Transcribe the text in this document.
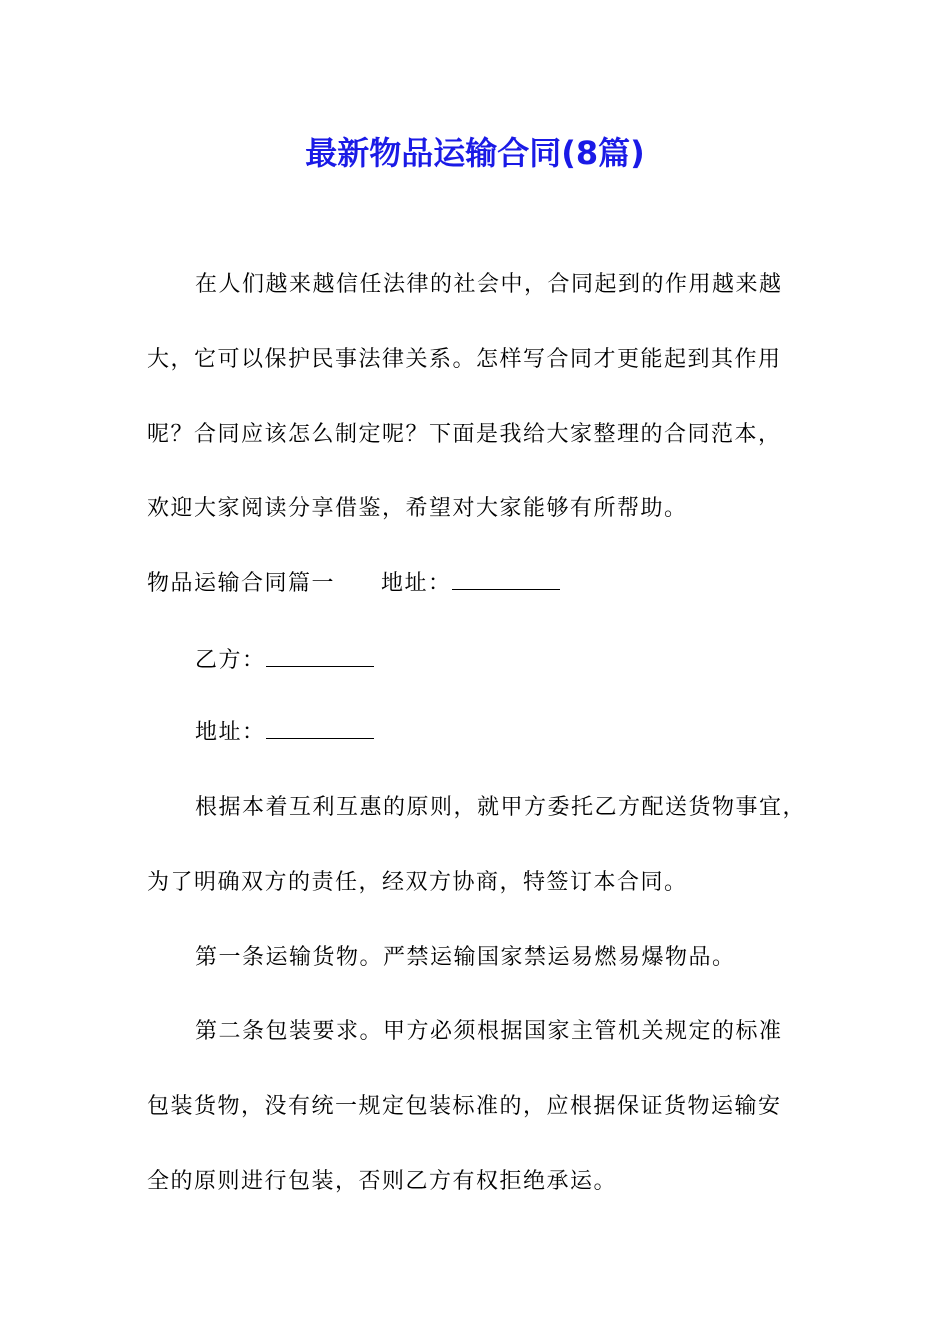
最新物品运输合同(8篇)
在人们越来越信任法律的社会中，合同起到的作用越来越
大，它可以保护民事法律关系。怎样写合同才更能起到其作用
呢？合同应该怎么制定呢？下面是我给大家整理的合同范本，
欢迎大家阅读分享借鉴，希望对大家能够有所帮助。
物品运输合同篇一 地址：
乙方：
地址：
根据本着互利互惠的原则，就甲方委托乙方配送货物事宜，
为了明确双方的责任，经双方协商，特签订本合同。
第一条运输货物。严禁运输国家禁运易燃易爆物品。
第二条包装要求。甲方必须根据国家主管机关规定的标准
包装货物，没有统一规定包装标准的，应根据保证货物运输安
全的原则进行包装，否则乙方有权拒绝承运。
